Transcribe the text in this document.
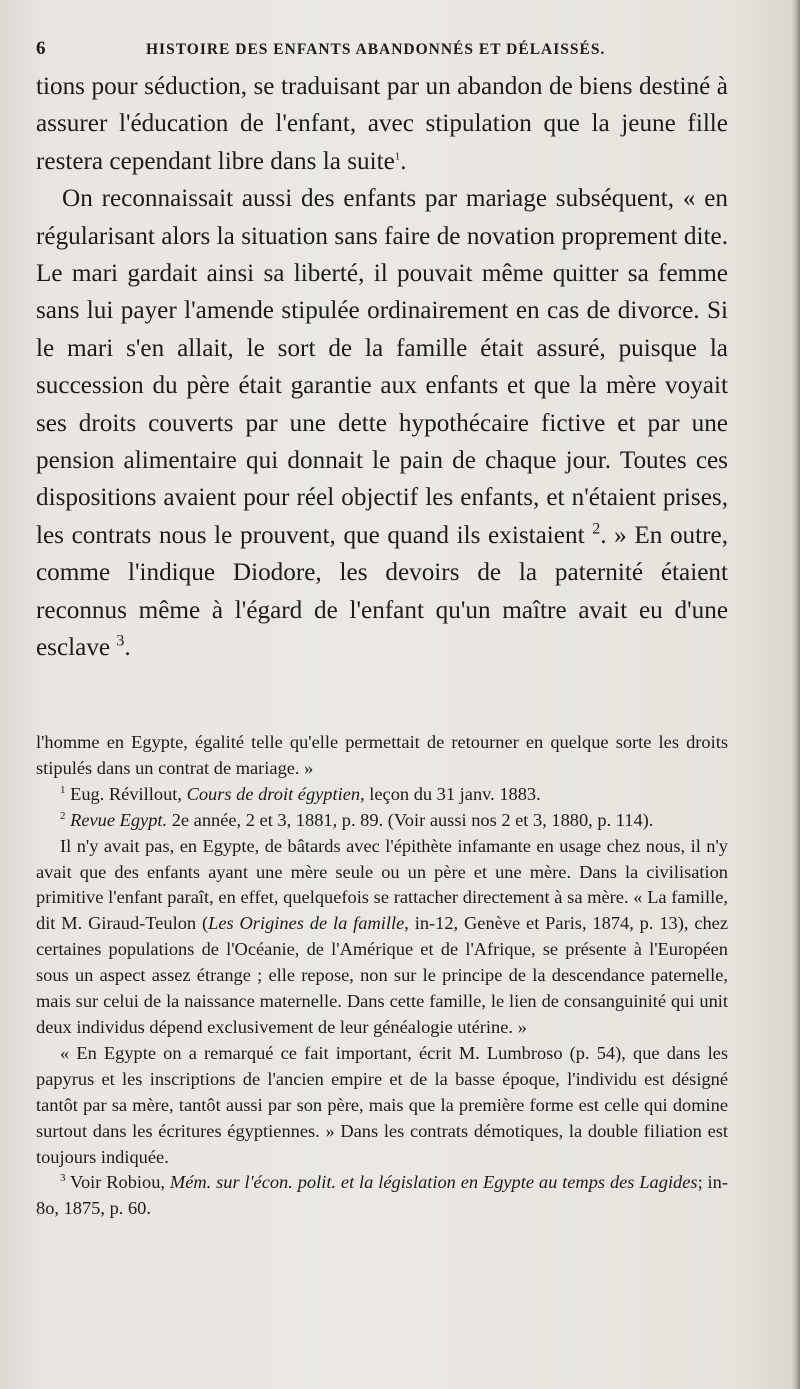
6	HISTOIRE DES ENFANTS ABANDONNÉS ET DÉLAISSÉS.

tions pour séduction, se traduisant par un abandon de biens destiné à assurer l'éducation de l'enfant, avec stipulation que la jeune fille restera cependant libre dans la suite$^1$.

On reconnaissait aussi des enfants par mariage subséquent, « en régularisant alors la situation sans faire de novation proprement dite. Le mari gardait ainsi sa liberté, il pouvait même quitter sa femme sans lui payer l'amende stipulée ordinairement en cas de divorce. Si le mari s'en allait, le sort de la famille était assuré, puisque la succession du père était garantie aux enfants et que la mère voyait ses droits couverts par une dette hypothécaire fictive et par une pension alimentaire qui donnait le pain de chaque jour. Toutes ces dispositions avaient pour réel objectif les enfants, et n'étaient prises, les contrats nous le prouvent, que quand ils existaient $^2$. » En outre, comme l'indique Diodore, les devoirs de la paternité étaient reconnus même à l'égard de l'enfant qu'un maître avait eu d'une esclave $^3$.

l'homme en Egypte, égalité telle qu'elle permettait de retourner en quelque sorte les droits stipulés dans un contrat de mariage. »

$^1$ Eug. Révillout, Cours de droit égyptien, leçon du 31 janv. 1883.

$^2$ Revue Egypt. 2e année, 2 et 3, 1881, p. 89. (Voir aussi nos 2 et 3, 1880, p. 114).

Il n'y avait pas, en Egypte, de bâtards avec l'épithète infamante en usage chez nous, il n'y avait que des enfants ayant une mère seule ou un père et une mère. Dans la civilisation primitive l'enfant paraît, en effet, quelquefois se rattacher directement à sa mère. « La famille, dit M. Giraud-Teulon (Les Origines de la famille, in-12, Genève et Paris, 1874, p. 13), chez certaines populations de l'Océanie, de l'Amérique et de l'Afrique, se présente à l'Européen sous un aspect assez étrange ; elle repose, non sur le principe de la descendance paternelle, mais sur celui de la naissance maternelle. Dans cette famille, le lien de consanguinité qui unit deux individus dépend exclusivement de leur généalogie utérine. »

« En Egypte on a remarqué ce fait important, écrit M. Lumbroso (p. 54), que dans les papyrus et les inscriptions de l'ancien empire et de la basse époque, l'individu est désigné tantôt par sa mère, tantôt aussi par son père, mais que la première forme est celle qui domine surtout dans les écritures égyptiennes. » Dans les contrats démotiques, la double filiation est toujours indiquée.

$^3$ Voir Robiou, Mém. sur l'écon. polit. et la législation en Egypte au temps des Lagides; in-8o, 1875, p. 60.
